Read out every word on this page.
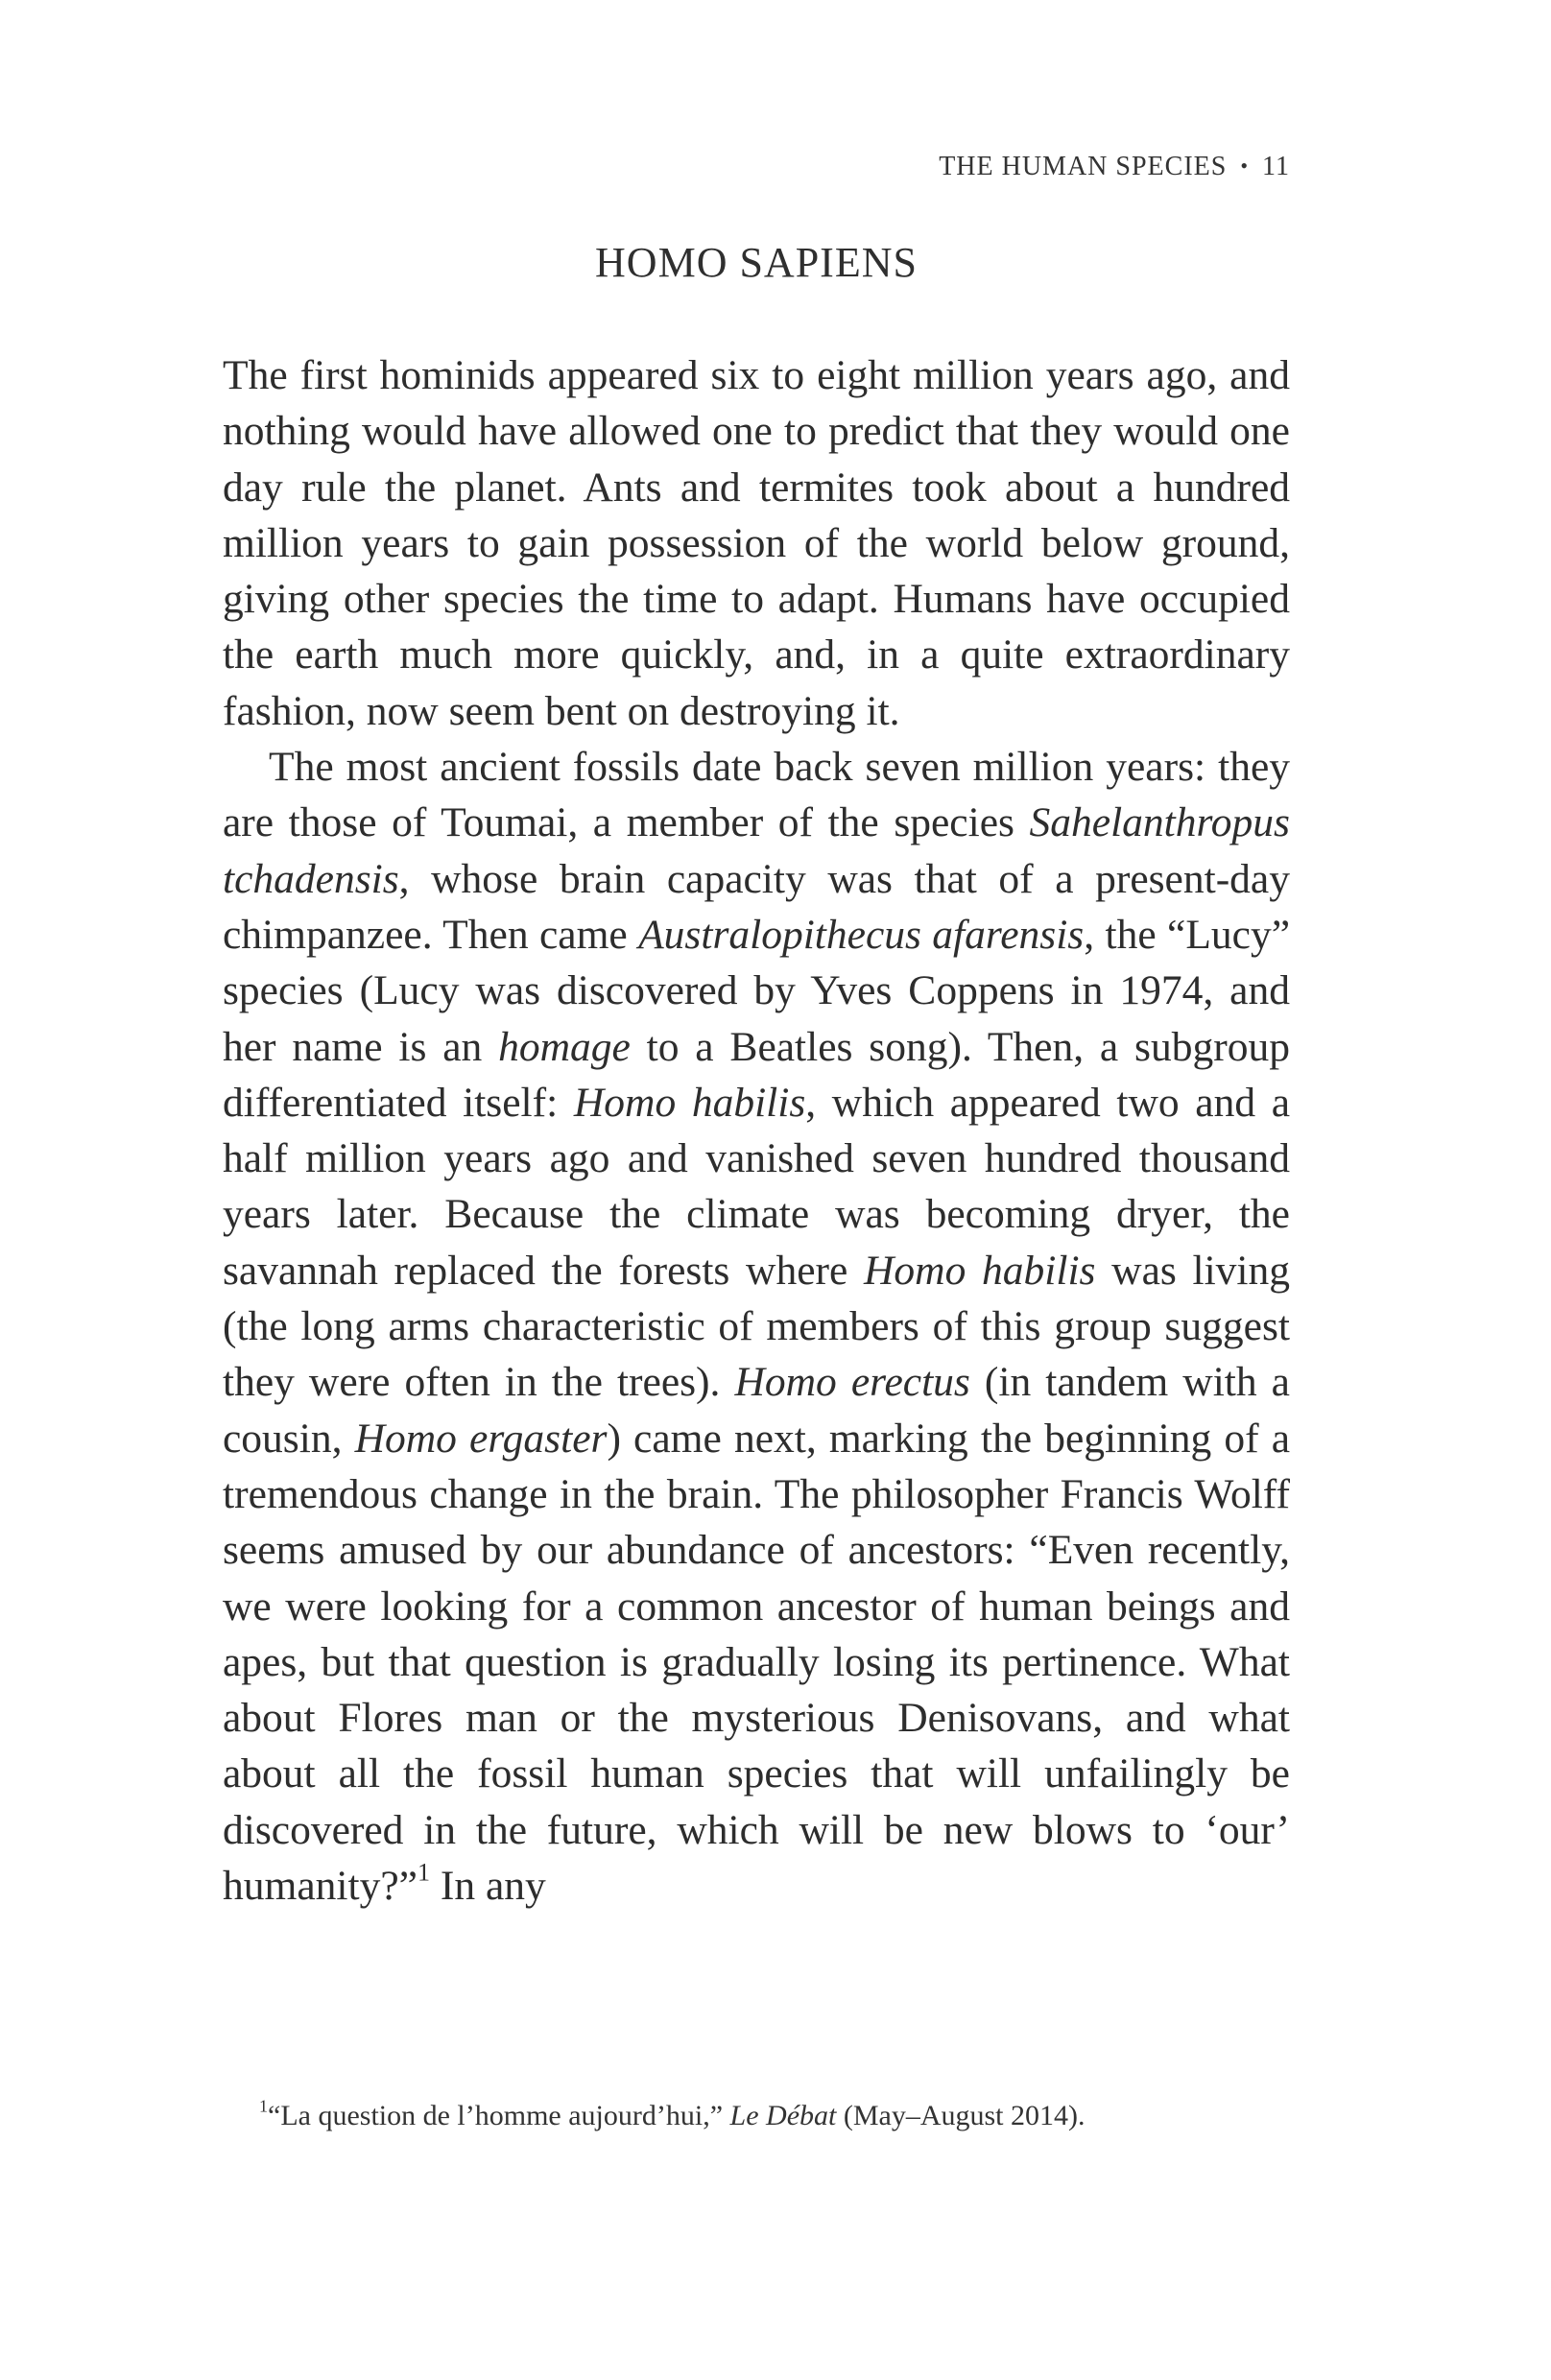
THE HUMAN SPECIES • 11
HOMO SAPIENS

The first hominids appeared six to eight million years ago, and nothing would have allowed one to predict that they would one day rule the planet. Ants and termites took about a hundred million years to gain possession of the world below ground, giving other species the time to adapt. Humans have occupied the earth much more quickly, and, in a quite extraordinary fashion, now seem bent on destroying it.

The most ancient fossils date back seven million years: they are those of Toumai, a member of the species Sahelanthropus tchadensis, whose brain capacity was that of a present-day chimpanzee. Then came Australopithecus afarensis, the “Lucy” species (Lucy was discovered by Yves Coppens in 1974, and her name is an homage to a Beatles song). Then, a subgroup differentiated itself: Homo habilis, which appeared two and a half million years ago and vanished seven hundred thousand years later. Because the climate was becoming dryer, the savannah replaced the forests where Homo habilis was living (the long arms characteristic of members of this group suggest they were often in the trees). Homo erectus (in tandem with a cousin, Homo ergaster) came next, marking the beginning of a tremendous change in the brain. The philosopher Francis Wolff seems amused by our abundance of ancestors: “Even recently, we were looking for a common ancestor of human beings and apes, but that question is gradually losing its pertinence. What about Flores man or the mysterious Denisovans, and what about all the fossil human species that will unfailingly be discovered in the future, which will be new blows to ‘our’ humanity?”$^1$ In any

$^1$“La question de l’homme aujourd’hui,” Le Débat (May–August 2014).
